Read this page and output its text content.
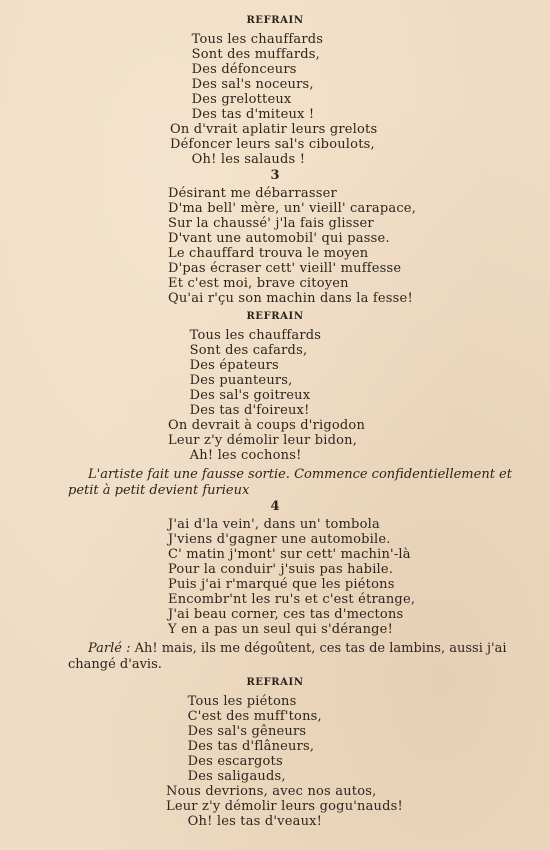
REFRAIN
Tous les chauffards
Sont des muffards,
Des défonceurs
Des sal's noceurs,
Des grelotteux
Des tas d'miteux !
On d'vrait aplatir leurs grelots
Défoncer leurs sal's ciboulots,
Oh! les salauds !
3
Désirant me débarrasser
D'ma bell' mère, un' vieill' carapace,
Sur la chaussé' j'la fais glisser
D'vant une automobil' qui passe.
Le chauffard trouva le moyen
D'pas écraser cett' vieill' muffesse
Et c'est moi, brave citoyen
Qu'ai r'çu son machin dans la fesse!
REFRAIN
Tous les chauffards
Sont des cafards,
Des épateurs
Des puanteurs,
Des sal's goitreux
Des tas d'foireux!
On devrait à coups d'rigodon
Leur z'y démolir leur bidon,
Ah! les cochons!
L'artiste fait une fausse sortie. Commence confidentiellement et petit à petit devient furieux
4
J'ai d'la vein', dans un' tombola
J'viens d'gagner une automobile.
C' matin j'mont' sur cett' machin'-là
Pour la conduir' j'suis pas habile.
Puis j'ai r'marqué que les piétons
Encombr'nt les ru's et c'est étrange,
J'ai beau corner, ces tas d'mectons
Y en a pas un seul qui s'dérange!
Parlé : Ah! mais, ils me dégoûtent, ces tas de lambins, aussi j'ai changé d'avis.
REFRAIN
Tous les piétons
C'est des muff'tons,
Des sal's gêneurs
Des tas d'flâneurs,
Des escargots
Des saligauds,
Nous devrions, avec nos autos,
Leur z'y démolir leurs gogu'nauds!
Oh! les tas d'veaux!
